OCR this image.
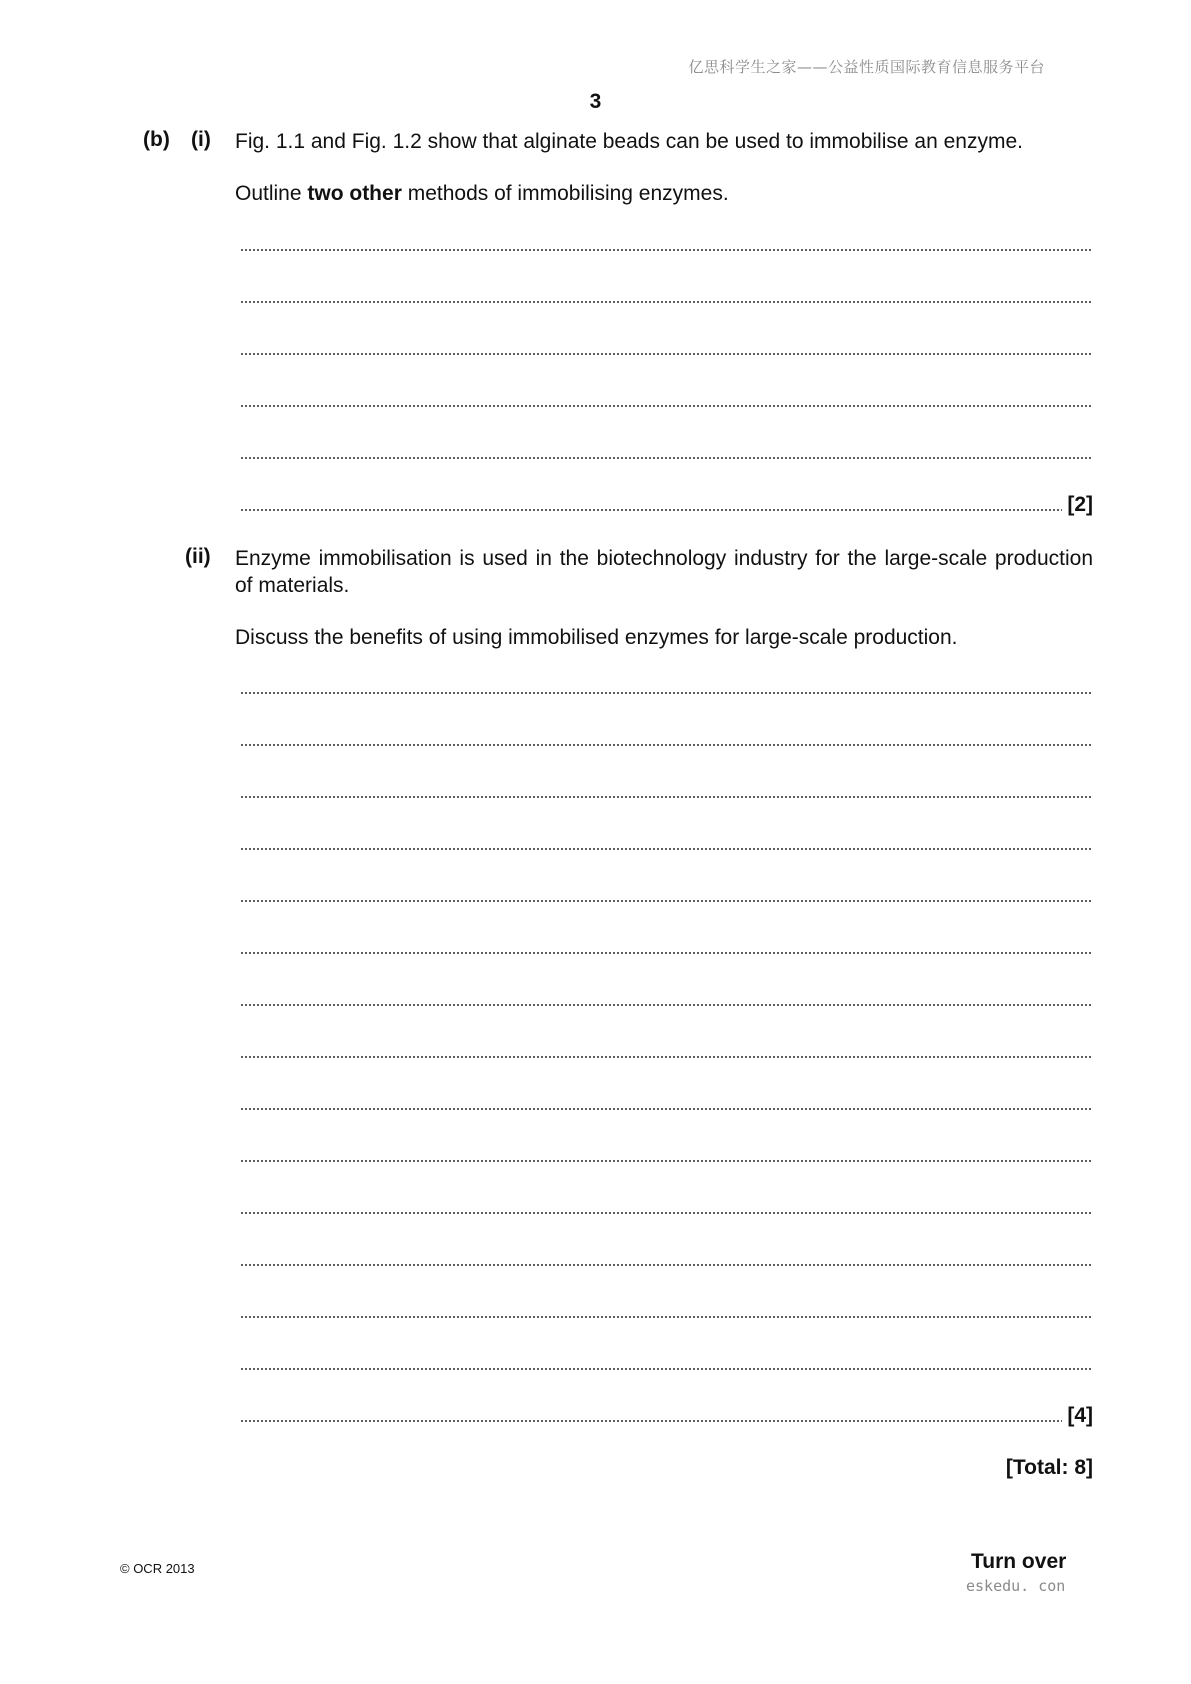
亿思科学生之家——公益性质国际教育信息服务平台
3
(b) (i) Fig. 1.1 and Fig. 1.2 show that alginate beads can be used to immobilise an enzyme.
Outline two other methods of immobilising enzymes.
[2]
(ii) Enzyme immobilisation is used in the biotechnology industry for the large-scale production of materials.
Discuss the benefits of using immobilised enzymes for large-scale production.
[4]
[Total: 8]
© OCR 2013	Turn over
eskedu. con
